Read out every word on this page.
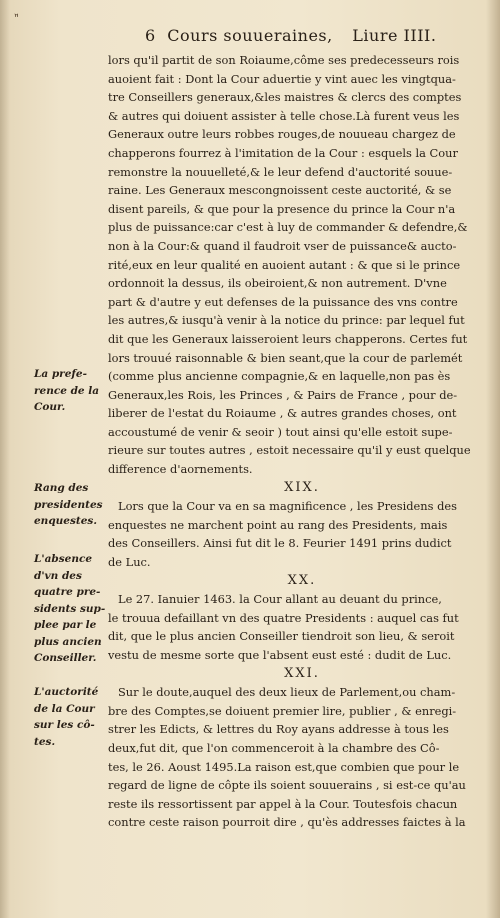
"̆
6 Cours souueraines, Liure IIII.
La prefe-
rence de la
Cour.
Rang des
presidentes
enquestes.
L'absence
d'vn des
quatre pre-
sidents sup-
plee par le
plus ancien
Conseiller.
L'auctorité
de la Cour
sur les cô-
tes.
lors qu'il partit de son Roiaume,côme ses predecesseurs rois
auoient fait : Dont la Cour aduertie y vint auec les vingtqua-
tre Conseillers generaux,&les maistres & clercs des comptes
& autres qui doiuent assister à telle chose.Là furent veus les
Generaux outre leurs robbes rouges,de nouueau chargez de
chapperons fourrez à l'imitation de la Cour : esquels la Cour
remonstre la nouuelleté,& le leur defend d'auctorité souue-
raine. Les Generaux mescongnoissent ceste auctorité, & se
disent pareils, & que pour la presence du prince la Cour n'a
plus de puissance:car c'est à luy de commander & defendre,&
non à la Cour:& quand il faudroit vser de puissance& aucto-
rité,eux en leur qualité en auoient autant : & que si le prince
ordonnoit la dessus, ils obeiroient,& non autrement. D'vne
part & d'autre y eut defenses de la puissance des vns contre
les autres,& iusqu'à venir à la notice du prince: par lequel fut
dit que les Generaux laisseroient leurs chapperons. Certes fut
lors trouué raisonnable & bien seant,que la cour de parlemét
(comme plus ancienne compagnie,& en laquelle,non pas ès
Generaux,les Rois, les Princes , & Pairs de France , pour de-
liberer de l'estat du Roiaume , & autres grandes choses, ont
accoustumé de venir & seoir ) tout ainsi qu'elle estoit supe-
rieure sur toutes autres , estoit necessaire qu'il y eust quelque
difference d'aornements.
XIX.
Lors que la Cour va en sa magnificence , les Presidens des
enquestes ne marchent point au rang des Presidents, mais
des Conseillers. Ainsi fut dit le 8. Feurier 1491 prins dudict
de Luc.
XX.
Le 27. Ianuier 1463. la Cour allant au deuant du prince,
le trouua defaillant vn des quatre Presidents : auquel cas fut
dit, que le plus ancien Conseiller tiendroit son lieu, & seroit
vestu de mesme sorte que l'absent eust esté : dudit de Luc.
XXI.
Sur le doute,auquel des deux lieux de Parlement,ou cham-
bre des Comptes,se doiuent premier lire, publier , & enregi-
strer les Edicts, & lettres du Roy ayans addresse à tous les
deux,fut dit, que l'on commenceroit à la chambre des Cô-
tes, le 26. Aoust 1495.La raison est,que combien que pour le
regard de ligne de côpte ils soient souuerains , si est-ce qu'au
reste ils ressortissent par appel à la Cour. Toutesfois chacun
contre ceste raison pourroit dire , qu'ès addresses faictes à la
